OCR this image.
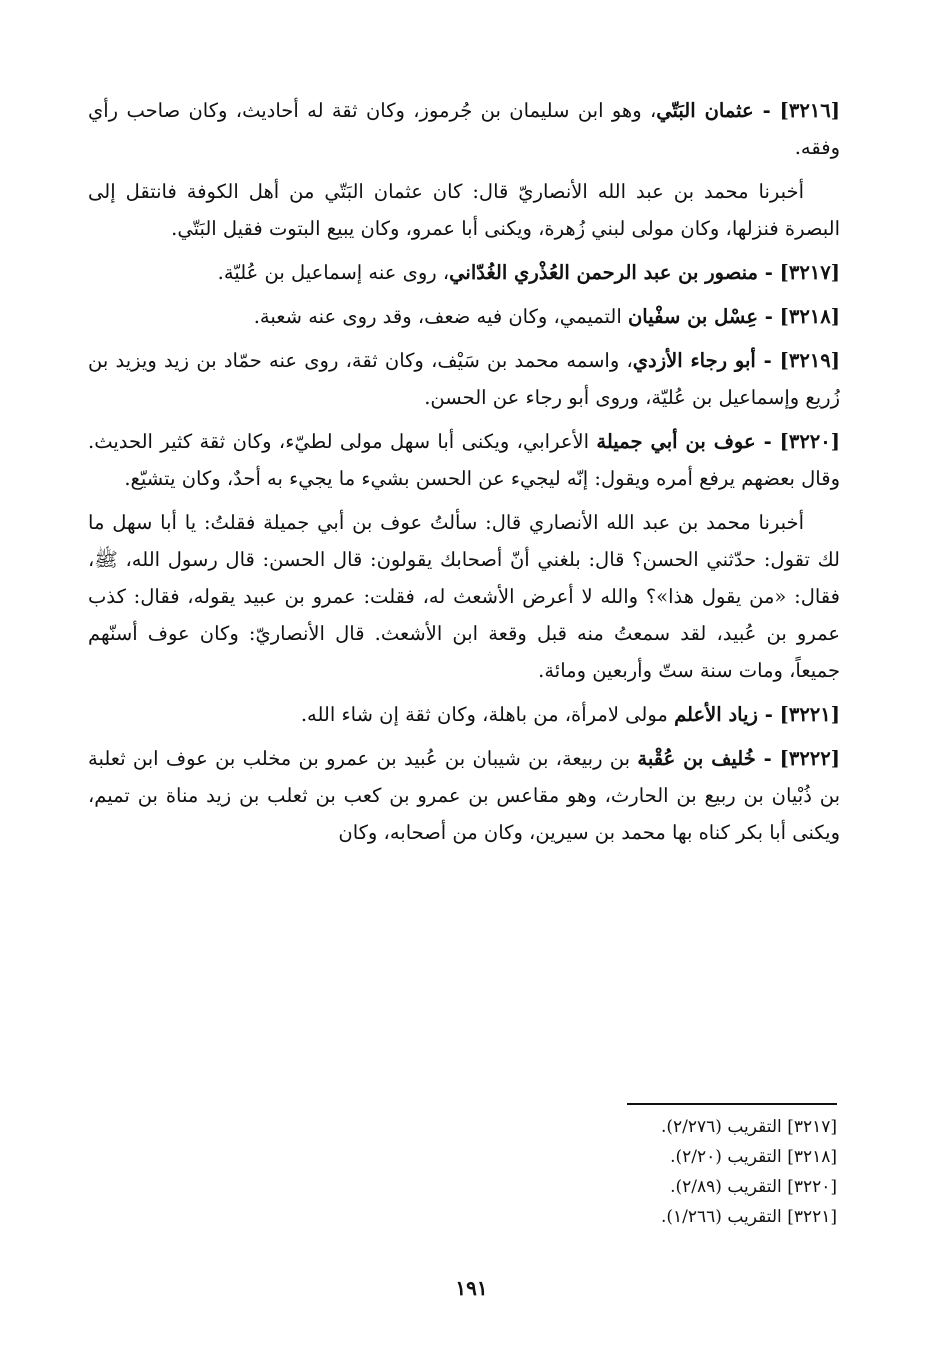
[٣٢١٦] - عثمان البَتّي، وهو ابن سليمان بن جُرموز، وكان ثقة له أحاديث، وكان صاحب رأي وفقه.

أخبرنا محمد بن عبد الله الأنصاريّ قال: كان عثمان البَتّي من أهل الكوفة فانتقل إلى البصرة فنزلها، وكان مولى لبني زُهرة، ويكنى أبا عمرو، وكان يبيع البتوت فقيل البَتّي.

[٣٢١٧] - منصور بن عبد الرحمن العُذْري الغُدّاني، روى عنه إسماعيل بن عُليّة.

[٣٢١٨] - عِسْل بن سفْيان التميمي، وكان فيه ضعف، وقد روى عنه شعبة.

[٣٢١٩] - أبو رجاء الأزدي، واسمه محمد بن سَيْف، وكان ثقة، روى عنه حمّاد بن زيد ويزيد بن زُريع وإسماعيل بن عُليّة، وروى أبو رجاء عن الحسن.

[٣٢٢٠] - عوف بن أبي جميلة الأعرابي، ويكنى أبا سهل مولى لطيّء، وكان ثقة كثير الحديث. وقال بعضهم يرفع أمره ويقول: إنّه ليجيء عن الحسن بشيء ما يجيء به أحدٌ، وكان يتشيّع.

أخبرنا محمد بن عبد الله الأنصاري قال: سألتُ عوف بن أبي جميلة فقلتُ: يا أبا سهل ما لك تقول: حدّثني الحسن؟ قال: بلغني أنّ أصحابك يقولون: قال الحسن: قال رسول الله، ﷺ، فقال: «من يقول هذا»؟ والله لا أعرض الأشعث له، فقلت: عمرو بن عبيد يقوله، فقال: كذب عمرو بن عُبيد، لقد سمعتُ منه قبل وقعة ابن الأشعث. قال الأنصاريّ: وكان عوف أسنّهم جميعاً، ومات سنة ستّ وأربعين ومائة.

[٣٢٢١] - زياد الأعلم مولى لامرأة، من باهلة، وكان ثقة إن شاء الله.

[٣٢٢٢] - خُليف بن عُقْبة بن ربيعة، بن شيبان بن عُبيد بن عمرو بن مخلب بن عوف ابن ثعلبة بن ذُبْيان بن ربيع بن الحارث، وهو مقاعس بن عمرو بن كعب بن ثعلب بن زيد مناة بن تميم، ويكنى أبا بكر كناه بها محمد بن سيرين، وكان من أصحابه، وكان

[٣٢١٧] التقريب (٢/٢٧٦).
[٣٢١٨] التقريب (٢/٢٠).
[٣٢٢٠] التقريب (٢/٨٩).
[٣٢٢١] التقريب (١/٢٦٦).
١٩١
